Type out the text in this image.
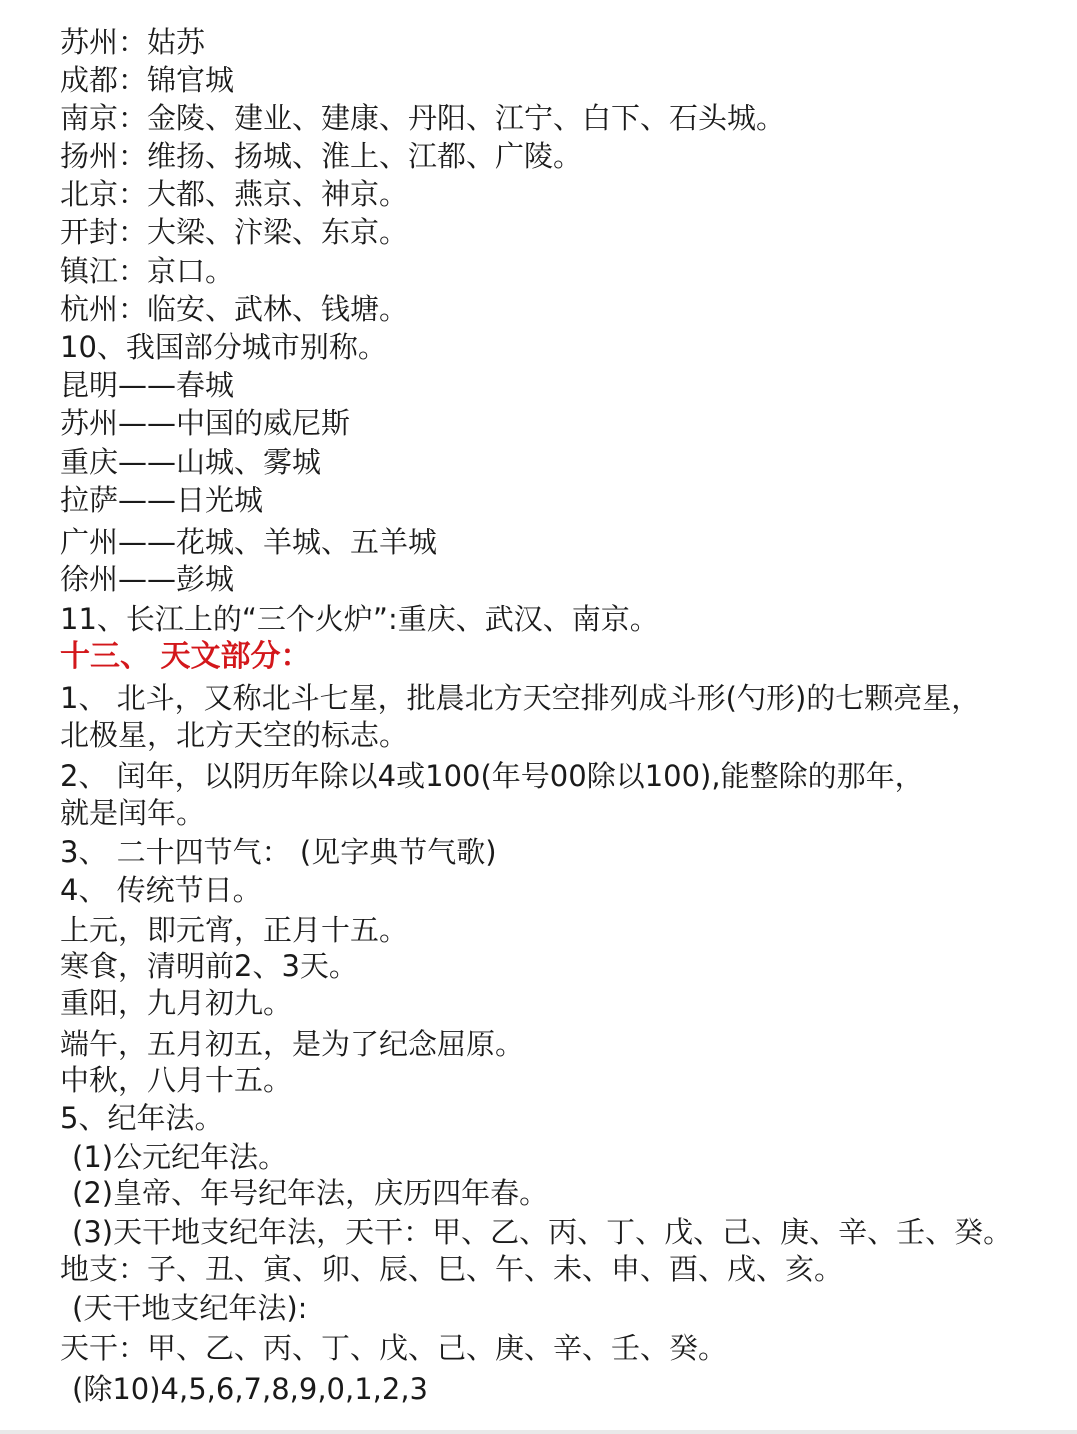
苏州：姑苏
成都：锦官城
南京：金陵、建业、建康、丹阳、江宁、白下、石头城。
扬州：维扬、扬城、淮上、江都、广陵。
北京：大都、燕京、神京。
开封：大梁、汴梁、东京。
镇江：京口。
杭州：临安、武林、钱塘。
10、我国部分城市别称。
昆明——春城
苏州——中国的威尼斯
重庆——山城、雾城
拉萨——日光城
广州——花城、羊城、五羊城
徐州——彭城
11、长江上的“三个火炉”:重庆、武汉、南京。
十三、 天文部分：
1、 北斗，又称北斗七星，批晨北方天空排列成斗形(勺形)的七颗亮星，
北极星，北方天空的标志。
2、 闰年，以阴历年除以4或100(年号00除以100),能整除的那年，
就是闰年。
3、 二十四节气： (见字典节气歌)
4、 传统节日。
上元，即元宵，正月十五。
寒食，清明前2、3天。
重阳，九月初九。
端午，五月初五，是为了纪念屈原。
中秋，八月十五。
5、纪年法。
(1)公元纪年法。
(2)皇帝、年号纪年法，庆历四年春。
(3)天干地支纪年法，天干：甲、乙、丙、丁、戊、己、庚、辛、壬、癸。
地支：子、丑、寅、卯、辰、巳、午、未、申、酉、戌、亥。
(天干地支纪年法):
天干：甲、乙、丙、丁、戊、己、庚、辛、壬、癸。
(除10)4,5,6,7,8,9,0,1,2,3
